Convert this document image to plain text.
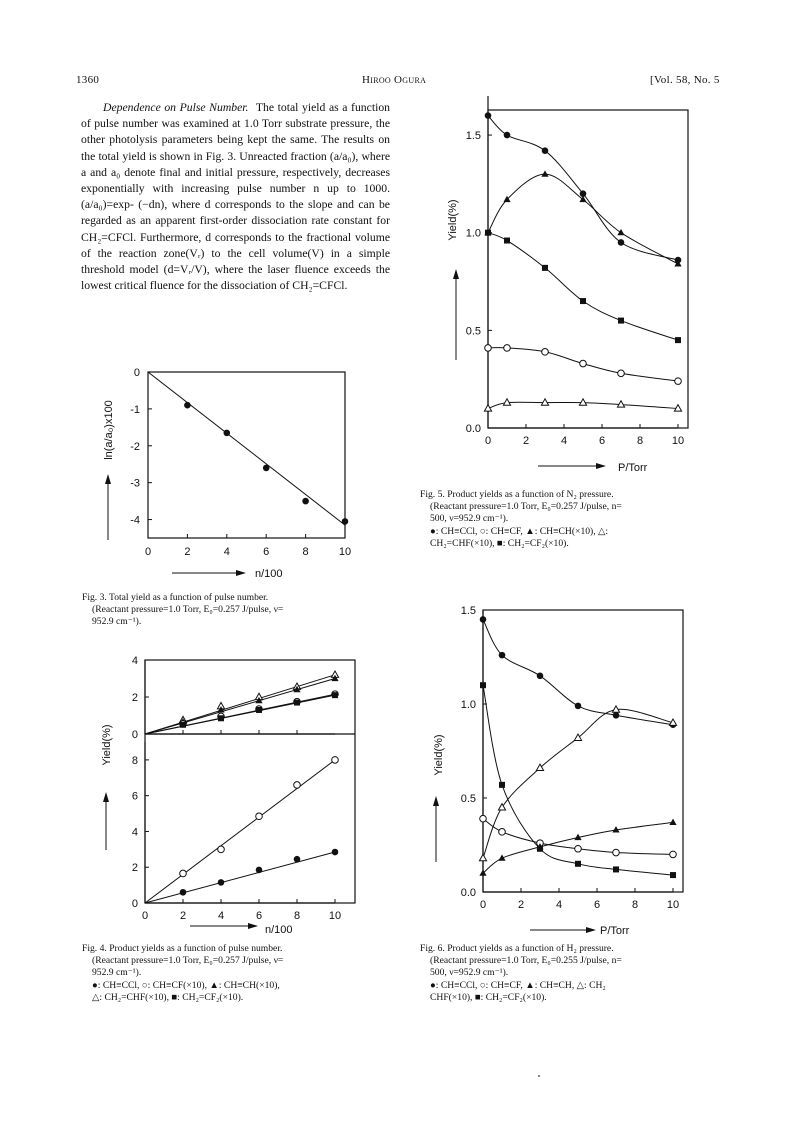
1360	Hiroo Ogura	[Vol. 58, No. 5

Dependence on Pulse Number. The total yield as a function of pulse number was examined at 1.0 Torr substrate pressure, the other photolysis parameters being kept the same. The results on the total yield is shown in Fig. 3. Unreacted fraction (a/a₀), where a and a₀ denote final and initial pressure, respectively, decreases exponentially with increasing pulse number n up to 1000. (a/a₀)=exp- (−dn), where d corresponds to the slope and can be regarded as an apparent first-order dissociation rate constant for CH₂=CFCl. Furthermore, d corresponds to the fractional volume of the reaction zone(Vᵣ) to the cell volume(V) in a simple threshold model (d=Vᵣ/V), where the laser fluence exceeds the lowest critical fluence for the dissociation of CH₂=CFCl.

0
-1
-2
-3
-4
0	2	4	6	8	10
ln(a/a₀)x100
n/100
Fig. 3. Total yield as a function of pulse number.
(Reactant pressure=1.0 Torr, E₀=0.257 J/pulse, ν=
952.9 cm⁻¹).
0
2
4
0
2
4
6
8
0	2	4	6	8	10
Yield(%)
n/100
Fig. 4. Product yields as a function of pulse number.
(Reactant pressure=1.0 Torr, E₀=0.257 J/pulse, ν=
952.9 cm⁻¹).
●: CH≡CCl, ○: CH≡CF(×10), ▲: CH≡CH(×10),
△: CH₂=CHF(×10), ■: CH₂=CF₂(×10).
0.0
0.5
1.0
1.5
0	2	4	6	8	10
Yield(%)
P/Torr
Fig. 5. Product yields as a function of N₂ pressure.
(Reactant pressure=1.0 Torr, E₀=0.257 J/pulse, n=
500, ν=952.9 cm⁻¹).
●: CH≡CCl, ○: CH≡CF, ▲: CH≡CH(×10), △:
CH₂=CHF(×10), ■: CH₂=CF₂(×10).
0.0
0.5
1.0
1.5
0	2	4	6	8	10
Yield(%)
P/Torr
Fig. 6. Product yields as a function of H₂ pressure.
(Reactant pressure=1.0 Torr, E₀=0.255 J/pulse, n=
500, ν=952.9 cm⁻¹).
●: CH≡CCl, ○: CH≡CF, ▲: CH≡CH, △: CH₂
CHF(×10), ■: CH₂=CF₂(×10).
